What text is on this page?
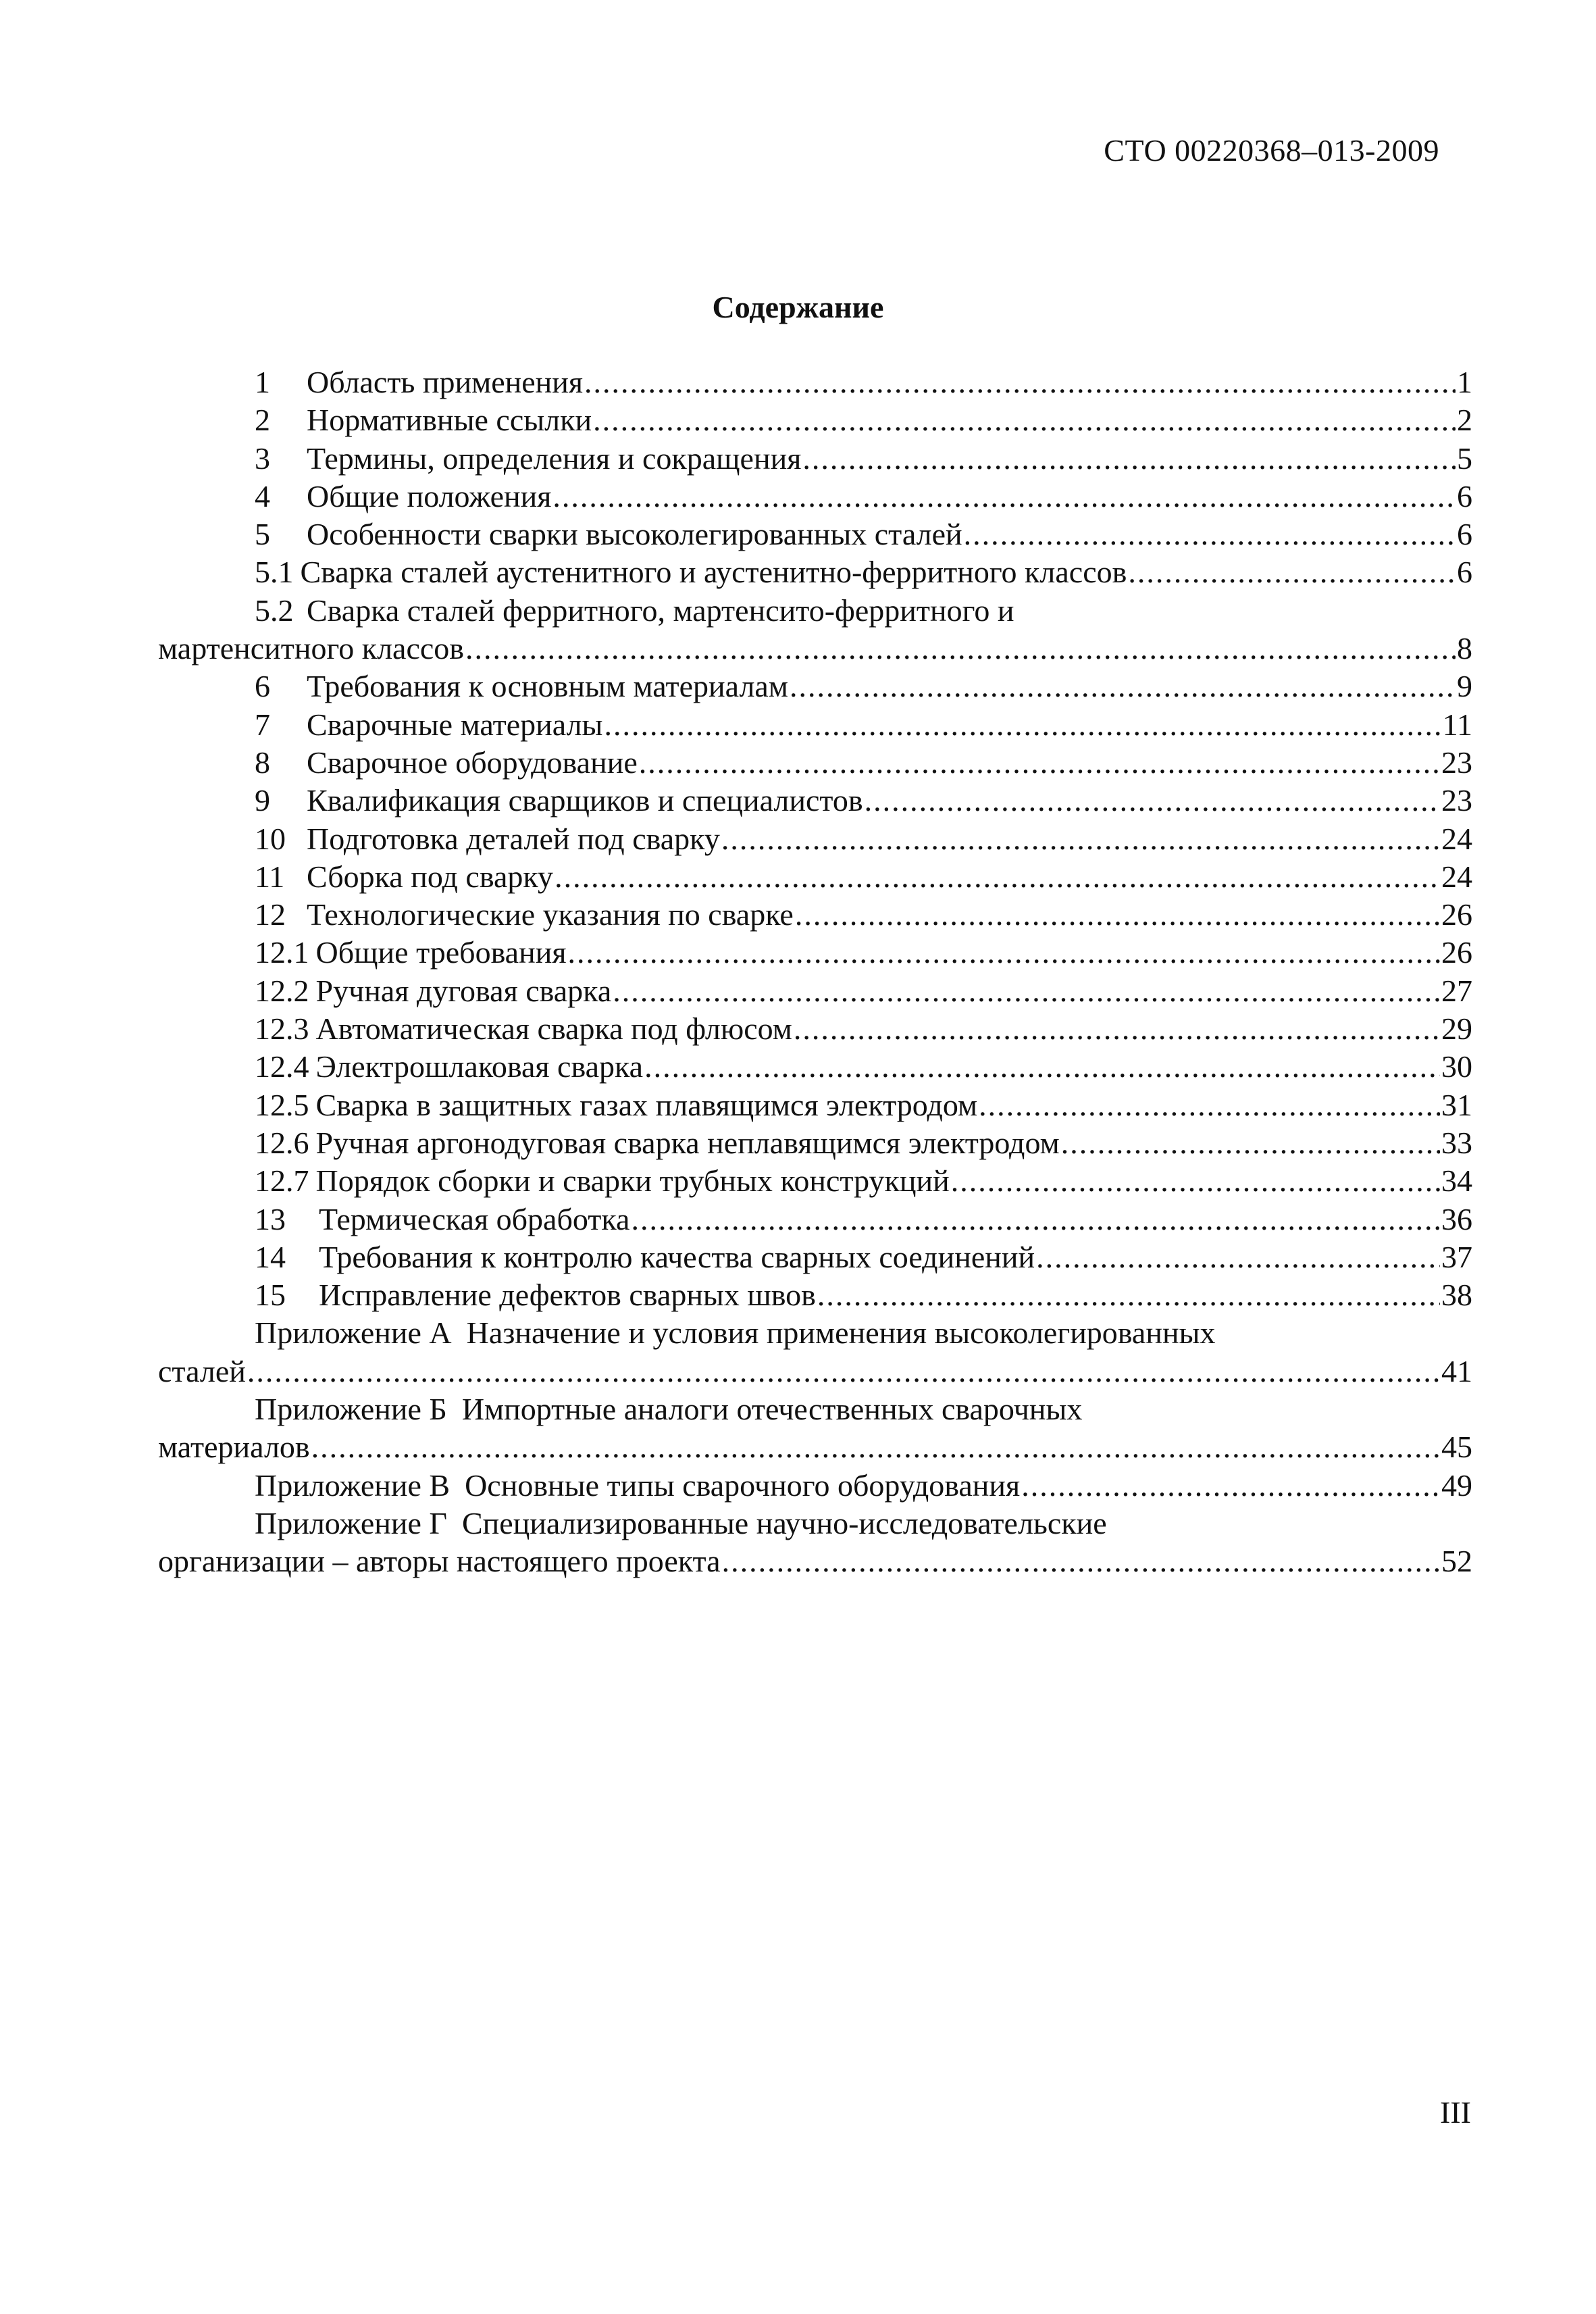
СТО 00220368–013-2009
Содержание
1	Область применения .....	1
2	Нормативные ссылки .....	2
3	Термины, определения и сокращения .....	5
4	Общие положения .....	6
5	Особенности сварки высоколегированных сталей .....	6
5.1 Сварка сталей аустенитного и аустенитно-ферритного классов .....	6
5.2 Сварка сталей ферритного, мартенсито-ферритного и
мартенситного классов .....	8
6	Требования к основным материалам .....	9
7	Сварочные материалы .....	11
8	Сварочное оборудование .....	23
9	Квалификация сварщиков и специалистов .....	23
10 Подготовка деталей под сварку .....	24
11 Сборка под сварку .....	24
12 Технологические указания по сварке .....	26
12.1 Общие требования .....	26
12.2 Ручная дуговая сварка .....	27
12.3 Автоматическая сварка под флюсом .....	29
12.4 Электрошлаковая сварка .....	30
12.5 Сварка в защитных газах плавящимся электродом .....	31
12.6 Ручная аргонодуговая сварка неплавящимся электродом .....	33
12.7 Порядок сборки и сварки трубных конструкций .....	34
13	Термическая обработка .....	36
14	Требования к контролю качества сварных соединений .....	37
15	Исправление дефектов сварных швов .....	38
Приложение А Назначение и условия применения высоколегированных
сталей .....	41
Приложение Б Импортные аналоги отечественных сварочных
материалов .....	45
Приложение В Основные типы сварочного оборудования .....	49
Приложение Г Специализированные научно-исследовательские
организации – авторы настоящего проекта .....	52
III
